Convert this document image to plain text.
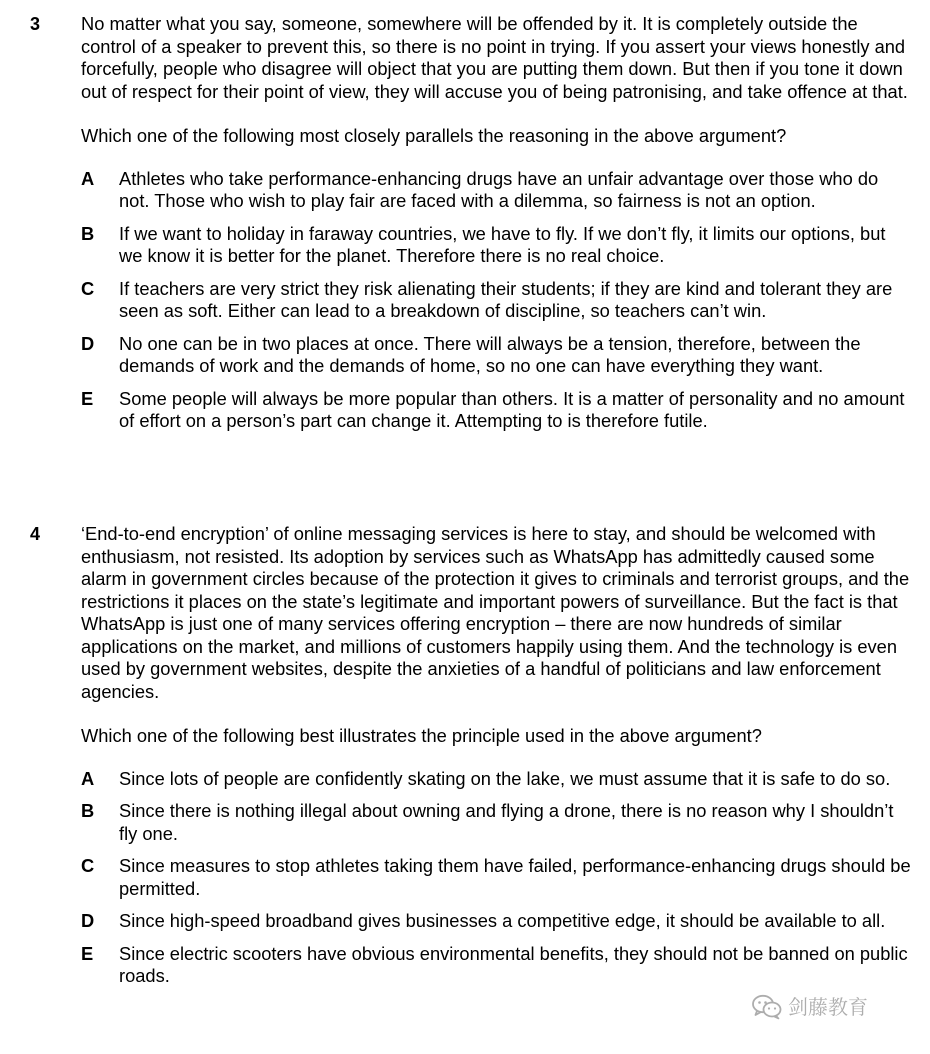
3 No matter what you say, someone, somewhere will be offended by it. It is completely outside the control of a speaker to prevent this, so there is no point in trying. If you assert your views honestly and forcefully, people who disagree will object that you are putting them down. But then if you tone it down out of respect for their point of view, they will accuse you of being patronising, and take offence at that.

Which one of the following most closely parallels the reasoning in the above argument?

A Athletes who take performance-enhancing drugs have an unfair advantage over those who do not. Those who wish to play fair are faced with a dilemma, so fairness is not an option.
B If we want to holiday in faraway countries, we have to fly. If we don’t fly, it limits our options, but we know it is better for the planet. Therefore there is no real choice.
C If teachers are very strict they risk alienating their students; if they are kind and tolerant they are seen as soft. Either can lead to a breakdown of discipline, so teachers can’t win.
D No one can be in two places at once. There will always be a tension, therefore, between the demands of work and the demands of home, so no one can have everything they want.
E Some people will always be more popular than others. It is a matter of personality and no amount of effort on a person’s part can change it. Attempting to is therefore futile.
4 ‘End-to-end encryption’ of online messaging services is here to stay, and should be welcomed with enthusiasm, not resisted. Its adoption by services such as WhatsApp has admittedly caused some alarm in government circles because of the protection it gives to criminals and terrorist groups, and the restrictions it places on the state’s legitimate and important powers of surveillance. But the fact is that WhatsApp is just one of many services offering encryption – there are now hundreds of similar applications on the market, and millions of customers happily using them. And the technology is even used by government websites, despite the anxieties of a handful of politicians and law enforcement agencies.

Which one of the following best illustrates the principle used in the above argument?

A Since lots of people are confidently skating on the lake, we must assume that it is safe to do so.
B Since there is nothing illegal about owning and flying a drone, there is no reason why I shouldn’t fly one.
C Since measures to stop athletes taking them have failed, performance-enhancing drugs should be permitted.
D Since high-speed broadband gives businesses a competitive edge, it should be available to all.
E Since electric scooters have obvious environmental benefits, they should not be banned on public roads.
剑藤教育
